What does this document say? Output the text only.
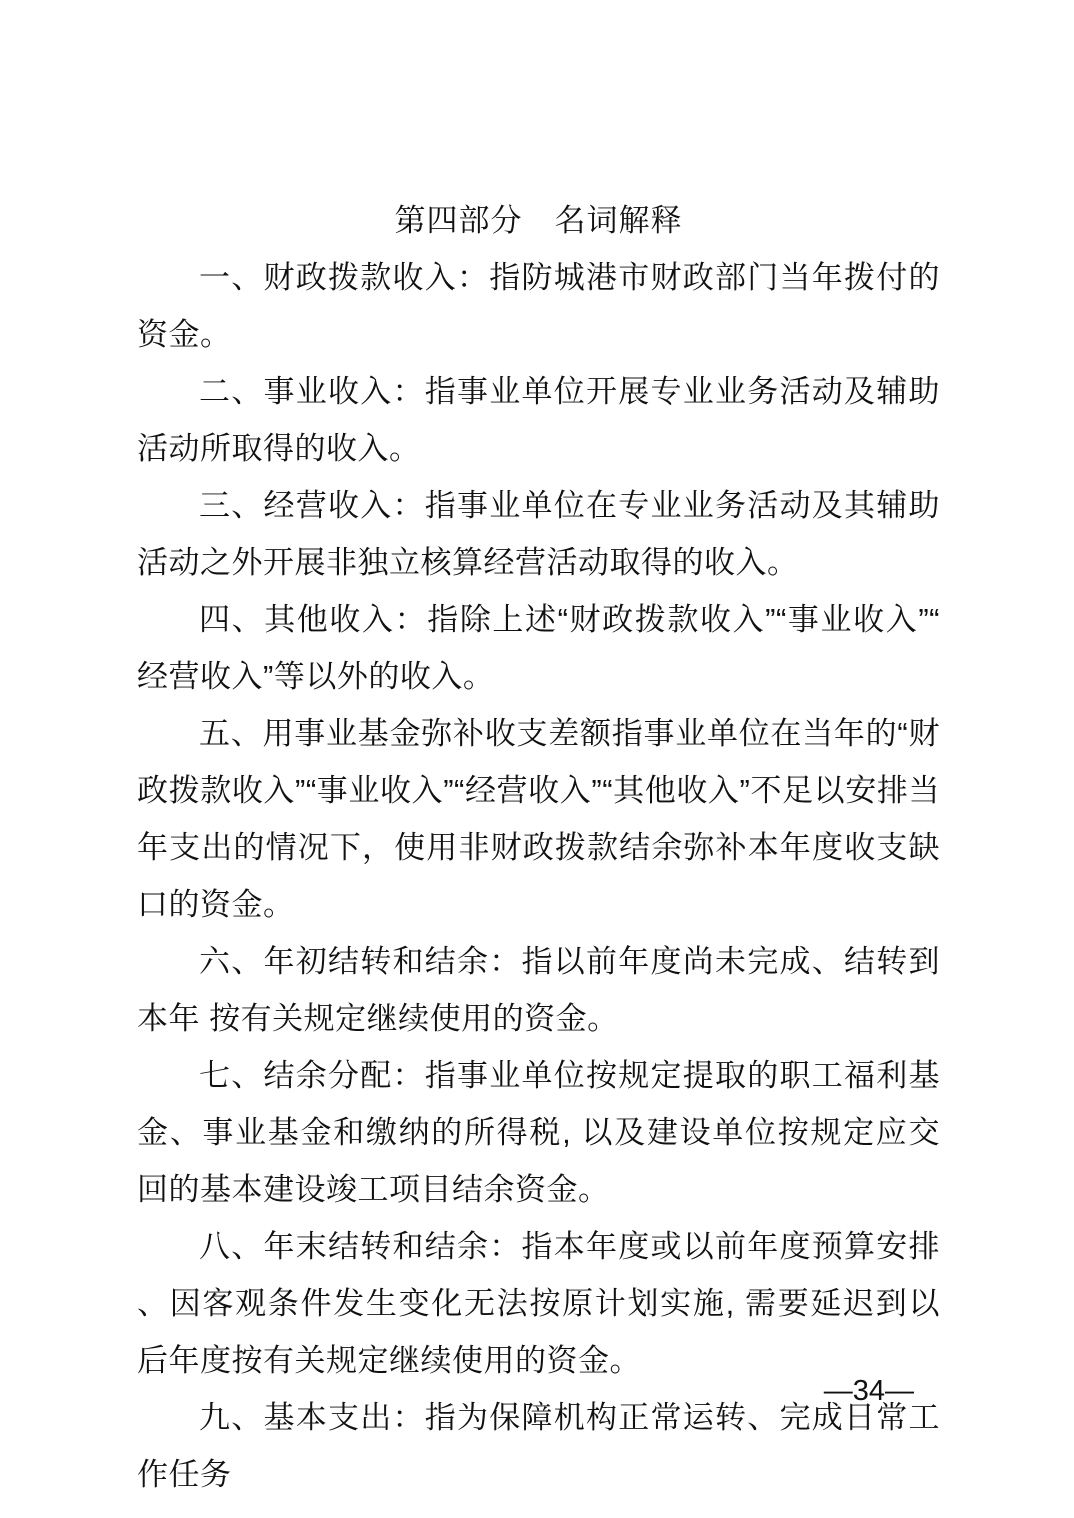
第四部分　名词解释

一、财政拨款收入：指防城港市财政部门当年拨付的资金。

二、事业收入：指事业单位开展专业业务活动及辅助活动所取得的收入。

三、经营收入：指事业单位在专业业务活动及其辅助活动之外开展非独立核算经营活动取得的收入。

四、其他收入：指除上述“财政拨款收入”“事业收入”“经营收入”等以外的收入。

五、用事业基金弥补收支差额指事业单位在当年的“财政拨款收入”“事业收入”“经营收入”“其他收入”不足以安排当年支出的情况下，使用非财政拨款结余弥补本年度收支缺口的资金。

六、年初结转和结余：指以前年度尚未完成、结转到本年 按有关规定继续使用的资金。

七、结余分配：指事业单位按规定提取的职工福利基金、事业基金和缴纳的所得税, 以及建设单位按规定应交回的基本建设竣工项目结余资金。

八、年末结转和结余：指本年度或以前年度预算安排、因客观条件发生变化无法按原计划实施, 需要延迟到以后年度按有关规定继续使用的资金。

九、基本支出：指为保障机构正常运转、完成日常工作任务

—34—
